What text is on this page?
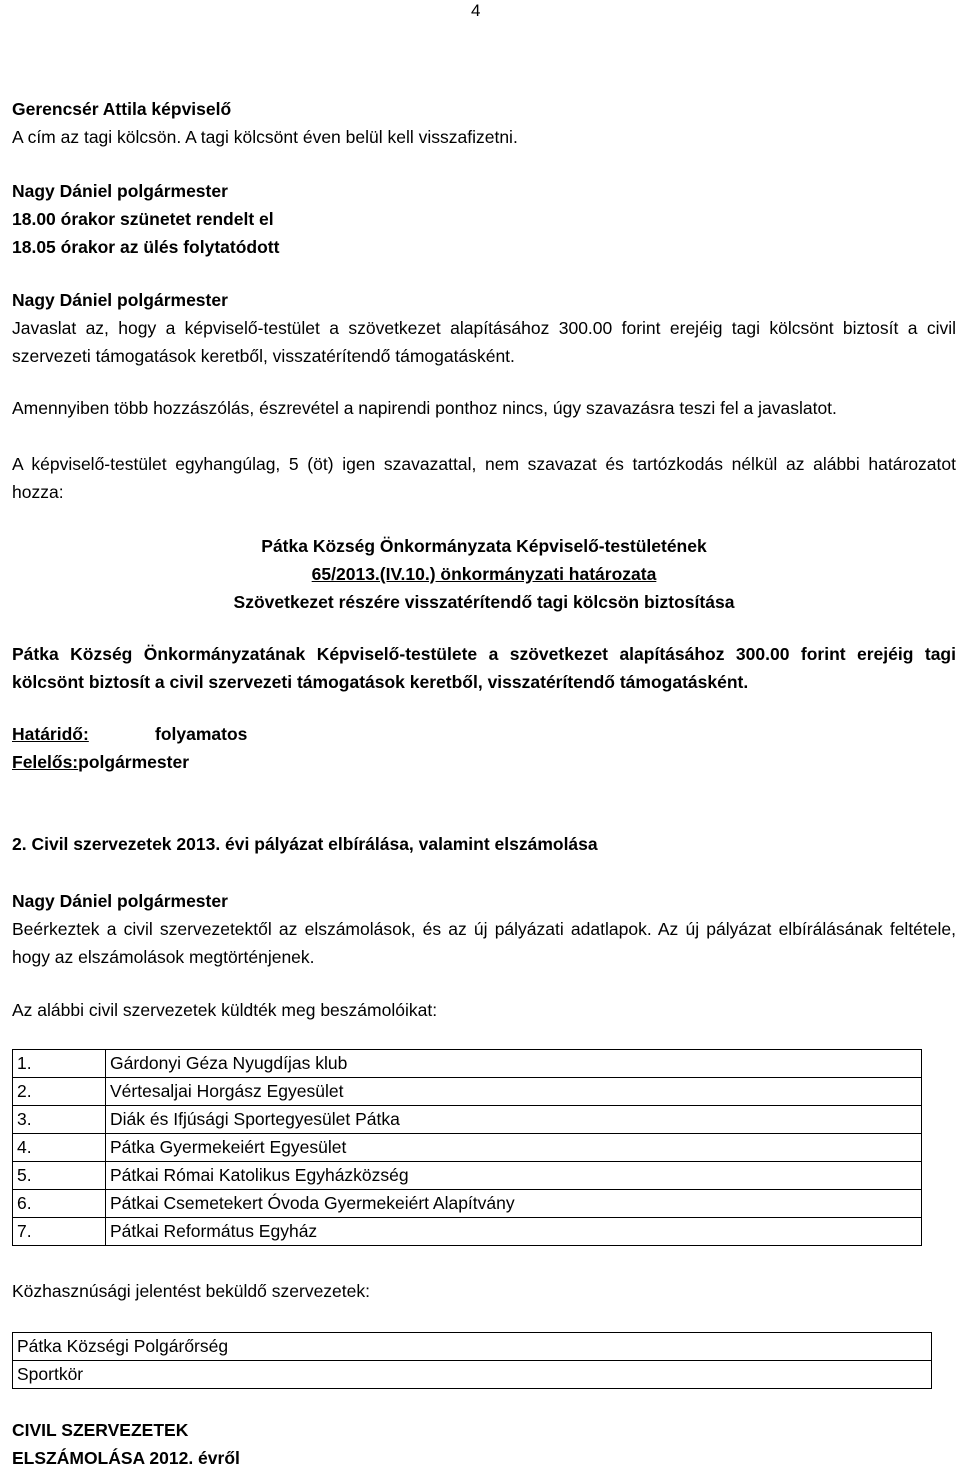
4

Gerencsér Attila képviselő

A cím az tagi kölcsön. A tagi kölcsönt éven belül kell visszafizetni.

Nagy Dániel polgármester

18.00 órakor szünetet rendelt el

18.05 órakor az ülés folytatódott

Nagy Dániel polgármester

Javaslat az, hogy a képviselő-testület a szövetkezet alapításához 300.00 forint erejéig tagi kölcsönt biztosít a civil szervezeti támogatások keretből, visszatérítendő támogatásként.

Amennyiben több hozzászólás, észrevétel a napirendi ponthoz nincs, úgy szavazásra teszi fel a javaslatot.

A képviselő-testület egyhangúlag, 5 (öt) igen szavazattal, nem szavazat és tartózkodás nélkül az alábbi határozatot hozza:

Pátka Község Önkormányzata Képviselő-testületének

65/2013.(IV.10.) önkormányzati határozata

Szövetkezet részére visszatérítendő tagi kölcsön biztosítása

Pátka Község Önkormányzatának Képviselő-testülete a szövetkezet alapításához 300.00 forint erejéig tagi kölcsönt biztosít a civil szervezeti támogatások keretből, visszatérítendő támogatásként.

Határidő:	folyamatos

Felelős:polgármester

2. Civil szervezetek 2013. évi pályázat elbírálása, valamint elszámolása

Nagy Dániel polgármester

Beérkeztek a civil szervezetektől az elszámolások, és az új pályázati adatlapok. Az új pályázat elbírálásának feltétele, hogy az elszámolások megtörténjenek.

Az alábbi civil szervezetek küldték meg beszámolóikat:

1.	Gárdonyi Géza Nyugdíjas klub
2.	Vértesaljai Horgász Egyesület
3.	Diák és Ifjúsági Sportegyesület Pátka
4.	Pátka Gyermekeiért Egyesület
5.	Pátkai Római Katolikus Egyházközség
6.	Pátkai Csemetekert Óvoda Gyermekeiért Alapítvány
7.	Pátkai Református Egyház

Közhasznúsági jelentést beküldő szervezetek:

Pátka Községi Polgárőrség
Sportkör

CIVIL SZERVEZETEK

ELSZÁMOLÁSA 2012. évről
